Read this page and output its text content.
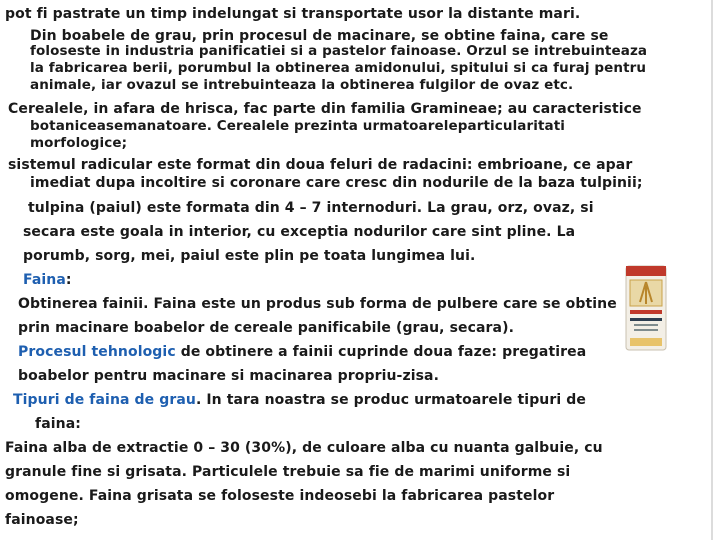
pot fi pastrate un timp indelungat si transportate usor la distante mari.

Din boabele de grau, prin procesul de macinare, se obtine faina, care se

foloseste in industria panificatiei si a pastelor fainoase. Orzul se intrebuinteaza

la fabricarea berii, porumbul la obtinerea amidonului, spitului si ca furaj pentru

animale, iar ovazul se intrebuinteaza la obtinerea fulgilor de ovaz etc.

Cerealele, in afara de hrisca, fac parte din familia Gramineae; au caracteristice

botaniceasemanatoare. Cerealele prezinta urmatoareleparticularitati

morfologice;

sistemul radicular este format din doua feluri de radacini: embrioane, ce apar

imediat dupa incoltire si coronare care cresc din nodurile de la baza tulpinii;

tulpina (paiul) este formata din 4 – 7 internoduri. La grau, orz, ovaz, si

secara este goala in interior, cu exceptia nodurilor care sint pline. La

porumb, sorg, mei, paiul este plin pe toata lungimea lui.

Faina:

Obtinerea fainii. Faina este un produs sub forma de pulbere care se obtine

prin macinare boabelor de cereale panificabile (grau, secara).

Procesul tehnologic de obtinere a fainii cuprinde doua faze: pregatirea

boabelor pentru macinare si macinarea propriu-zisa.

Tipuri de faina de grau. In tara noastra se produc urmatoarele tipuri de

faina:

Faina alba de extractie 0 – 30 (30%), de culoare alba cu nuanta galbuie, cu

granule fine si grisata. Particulele trebuie sa fie de marimi uniforme si

omogene. Faina grisata se foloseste indeosebi la fabricarea pastelor

fainoase;
